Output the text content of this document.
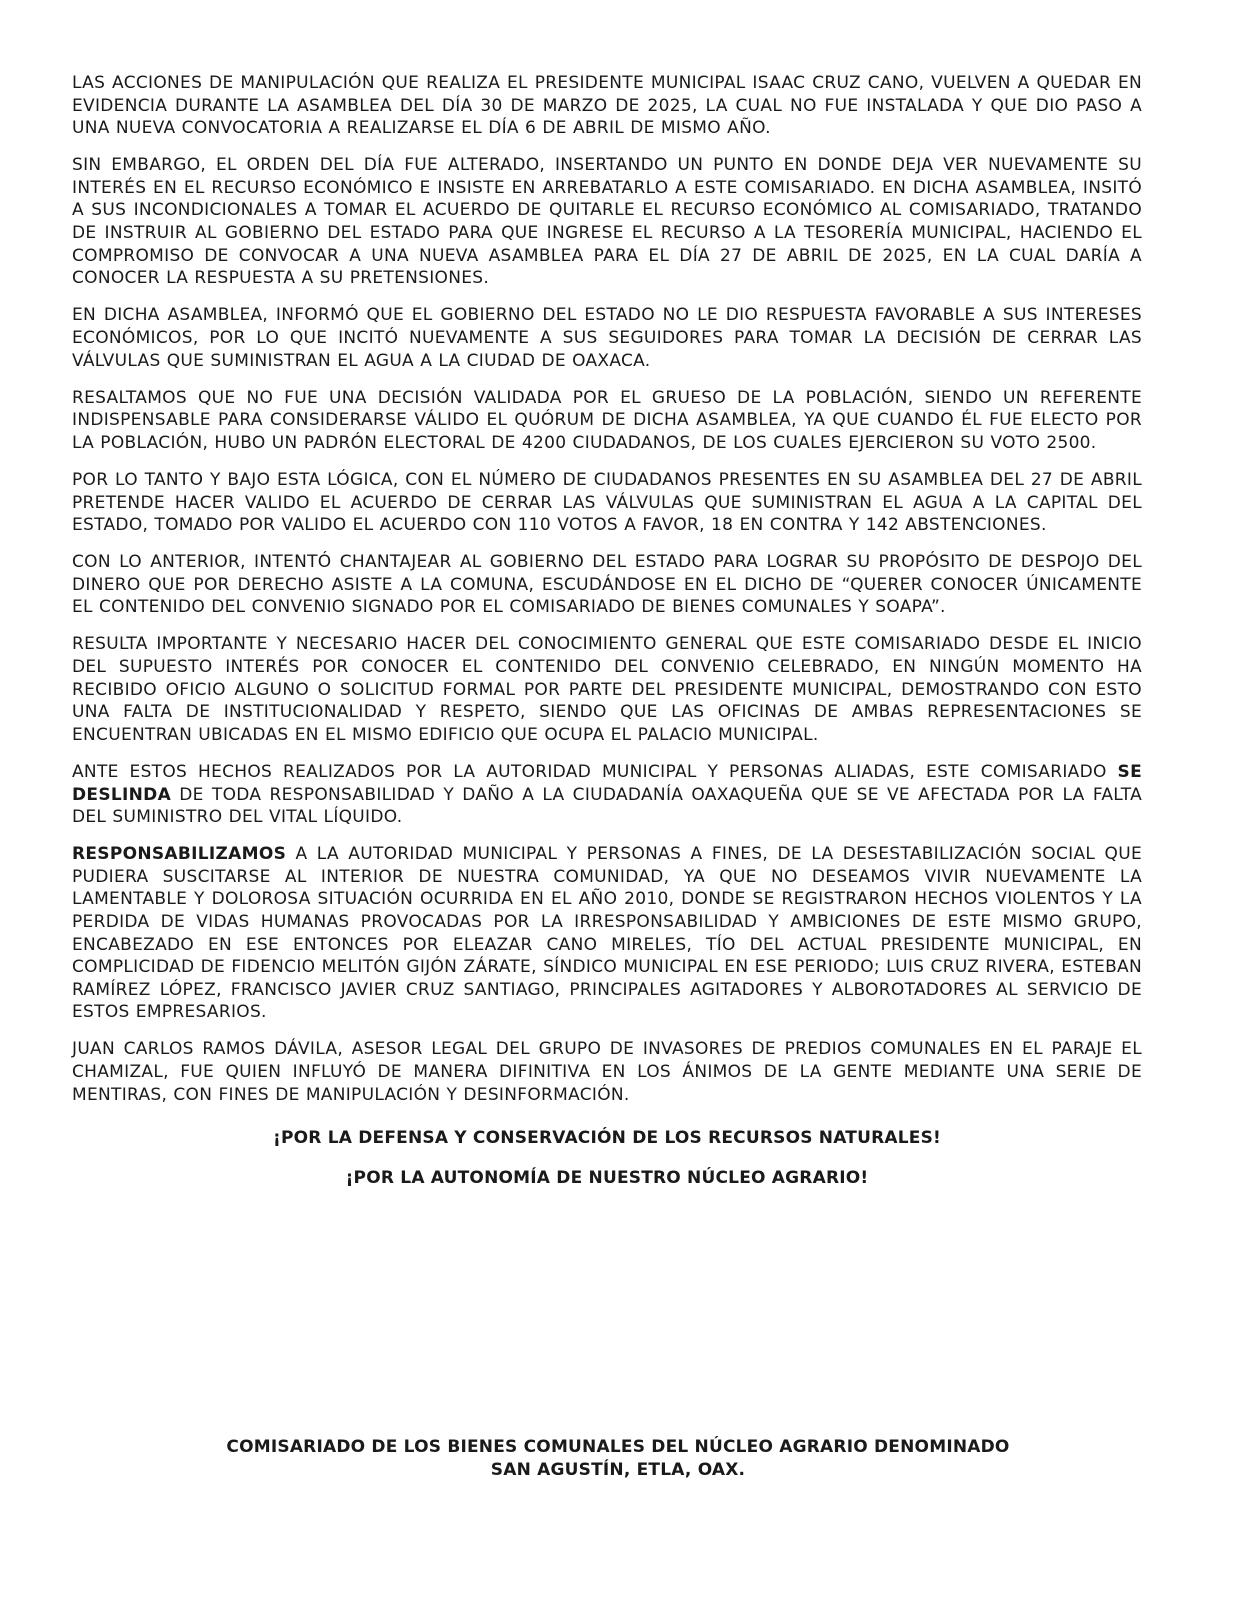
LAS ACCIONES DE MANIPULACIÓN QUE REALIZA EL PRESIDENTE MUNICIPAL ISAAC CRUZ CANO, VUELVEN A QUEDAR EN EVIDENCIA DURANTE LA ASAMBLEA DEL DÍA 30 DE MARZO DE 2025, LA CUAL NO FUE INSTALADA Y QUE DIO PASO A UNA NUEVA CONVOCATORIA A REALIZARSE EL DÍA 6 DE ABRIL DE MISMO AÑO.

SIN EMBARGO, EL ORDEN DEL DÍA FUE ALTERADO, INSERTANDO UN PUNTO EN DONDE DEJA VER NUEVAMENTE SU INTERÉS EN EL RECURSO ECONÓMICO E INSISTE EN ARREBATARLO A ESTE COMISARIADO. EN DICHA ASAMBLEA, INSITÓ A SUS INCONDICIONALES A TOMAR EL ACUERDO DE QUITARLE EL RECURSO ECONÓMICO AL COMISARIADO, TRATANDO DE INSTRUIR AL GOBIERNO DEL ESTADO PARA QUE INGRESE EL RECURSO A LA TESORERÍA MUNICIPAL, HACIENDO EL COMPROMISO DE CONVOCAR A UNA NUEVA ASAMBLEA PARA EL DÍA 27 DE ABRIL DE 2025, EN LA CUAL DARÍA A CONOCER LA RESPUESTA A SU PRETENSIONES.

EN DICHA ASAMBLEA, INFORMÓ QUE EL GOBIERNO DEL ESTADO NO LE DIO RESPUESTA FAVORABLE A SUS INTERESES ECONÓMICOS, POR LO QUE INCITÓ NUEVAMENTE A SUS SEGUIDORES PARA TOMAR LA DECISIÓN DE CERRAR LAS VÁLVULAS QUE SUMINISTRAN EL AGUA A LA CIUDAD DE OAXACA.

RESALTAMOS QUE NO FUE UNA DECISIÓN VALIDADA POR EL GRUESO DE LA POBLACIÓN, SIENDO UN REFERENTE INDISPENSABLE PARA CONSIDERARSE VÁLIDO EL QUÓRUM DE DICHA ASAMBLEA, YA QUE CUANDO ÉL FUE ELECTO POR LA POBLACIÓN, HUBO UN PADRÓN ELECTORAL DE 4200 CIUDADANOS, DE LOS CUALES EJERCIERON SU VOTO 2500.

POR LO TANTO Y BAJO ESTA LÓGICA, CON EL NÚMERO DE CIUDADANOS PRESENTES EN SU ASAMBLEA DEL 27 DE ABRIL PRETENDE HACER VALIDO EL ACUERDO DE CERRAR LAS VÁLVULAS QUE SUMINISTRAN EL AGUA A LA CAPITAL DEL ESTADO, TOMADO POR VALIDO EL ACUERDO CON 110 VOTOS A FAVOR, 18 EN CONTRA Y 142 ABSTENCIONES.

CON LO ANTERIOR, INTENTÓ CHANTAJEAR AL GOBIERNO DEL ESTADO PARA LOGRAR SU PROPÓSITO DE DESPOJO DEL DINERO QUE POR DERECHO ASISTE A LA COMUNA, ESCUDÁNDOSE EN EL DICHO DE “QUERER CONOCER ÚNICAMENTE EL CONTENIDO DEL CONVENIO SIGNADO POR EL COMISARIADO DE BIENES COMUNALES Y SOAPA”.

RESULTA IMPORTANTE Y NECESARIO HACER DEL CONOCIMIENTO GENERAL QUE ESTE COMISARIADO DESDE EL INICIO DEL SUPUESTO INTERÉS POR CONOCER EL CONTENIDO DEL CONVENIO CELEBRADO, EN NINGÚN MOMENTO HA RECIBIDO OFICIO ALGUNO O SOLICITUD FORMAL POR PARTE DEL PRESIDENTE MUNICIPAL, DEMOSTRANDO CON ESTO UNA FALTA DE INSTITUCIONALIDAD Y RESPETO, SIENDO QUE LAS OFICINAS DE AMBAS REPRESENTACIONES SE ENCUENTRAN UBICADAS EN EL MISMO EDIFICIO QUE OCUPA EL PALACIO MUNICIPAL.

ANTE ESTOS HECHOS REALIZADOS POR LA AUTORIDAD MUNICIPAL Y PERSONAS ALIADAS, ESTE COMISARIADO SE DESLINDA DE TODA RESPONSABILIDAD Y DAÑO A LA CIUDADANÍA OAXAQUEÑA QUE SE VE AFECTADA POR LA FALTA DEL SUMINISTRO DEL VITAL LÍQUIDO.

RESPONSABILIZAMOS A LA AUTORIDAD MUNICIPAL Y PERSONAS A FINES, DE LA DESESTABILIZACIÓN SOCIAL QUE PUDIERA SUSCITARSE AL INTERIOR DE NUESTRA COMUNIDAD, YA QUE NO DESEAMOS VIVIR NUEVAMENTE LA LAMENTABLE Y DOLOROSA SITUACIÓN OCURRIDA EN EL AÑO 2010, DONDE SE REGISTRARON HECHOS VIOLENTOS Y LA PERDIDA DE VIDAS HUMANAS PROVOCADAS POR LA IRRESPONSABILIDAD Y AMBICIONES DE ESTE MISMO GRUPO, ENCABEZADO EN ESE ENTONCES POR ELEAZAR CANO MIRELES, TÍO DEL ACTUAL PRESIDENTE MUNICIPAL, EN COMPLICIDAD DE FIDENCIO MELITÓN GIJÓN ZÁRATE, SÍNDICO MUNICIPAL EN ESE PERIODO; LUIS CRUZ RIVERA, ESTEBAN RAMÍREZ LÓPEZ, FRANCISCO JAVIER CRUZ SANTIAGO, PRINCIPALES AGITADORES Y ALBOROTADORES AL SERVICIO DE ESTOS EMPRESARIOS.

JUAN CARLOS RAMOS DÁVILA, ASESOR LEGAL DEL GRUPO DE INVASORES DE PREDIOS COMUNALES EN EL PARAJE EL CHAMIZAL, FUE QUIEN INFLUYÓ DE MANERA DIFINITIVA EN LOS ÁNIMOS DE LA GENTE MEDIANTE UNA SERIE DE MENTIRAS, CON FINES DE MANIPULACIÓN Y DESINFORMACIÓN.

¡POR LA DEFENSA Y CONSERVACIÓN DE LOS RECURSOS NATURALES!

¡POR LA AUTONOMÍA DE NUESTRO NÚCLEO AGRARIO!

COMISARIADO DE LOS BIENES COMUNALES DEL NÚCLEO AGRARIO DENOMINADO
SAN AGUSTÍN, ETLA, OAX.
